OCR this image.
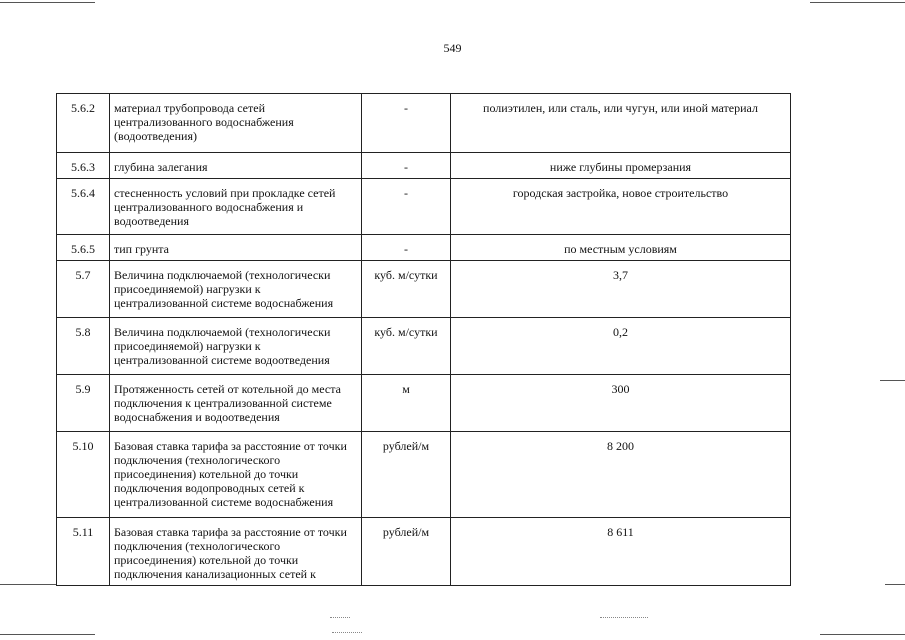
549
5.6.2	материал трубопровода сетей централизованного водоснабжения (водоотведения)	-	полиэтилен, или сталь, или чугун, или иной материал
5.6.3	глубина залегания	-	ниже глубины промерзания
5.6.4	стесненность условий при прокладке сетей централизованного водоснабжения и водоотведения	-	городская застройка, новое строительство
5.6.5	тип грунта	-	по местным условиям
5.7	Величина подключаемой (технологически присоединяемой) нагрузки к централизованной системе водоснабжения	куб. м/сутки	3,7
5.8	Величина подключаемой (технологически присоединяемой) нагрузки к централизованной системе водоотведения	куб. м/сутки	0,2
5.9	Протяженность сетей от котельной до места подключения к централизованной системе водоснабжения и водоотведения	м	300
5.10	Базовая ставка тарифа за расстояние от точки подключения (технологического присоединения) котельной до точки подключения водопроводных сетей к централизованной системе водоснабжения	рублей/м	8 200
5.11	Базовая ставка тарифа за расстояние от точки подключения (технологического присоединения) котельной до точки подключения канализационных сетей к	рублей/м	8 611
